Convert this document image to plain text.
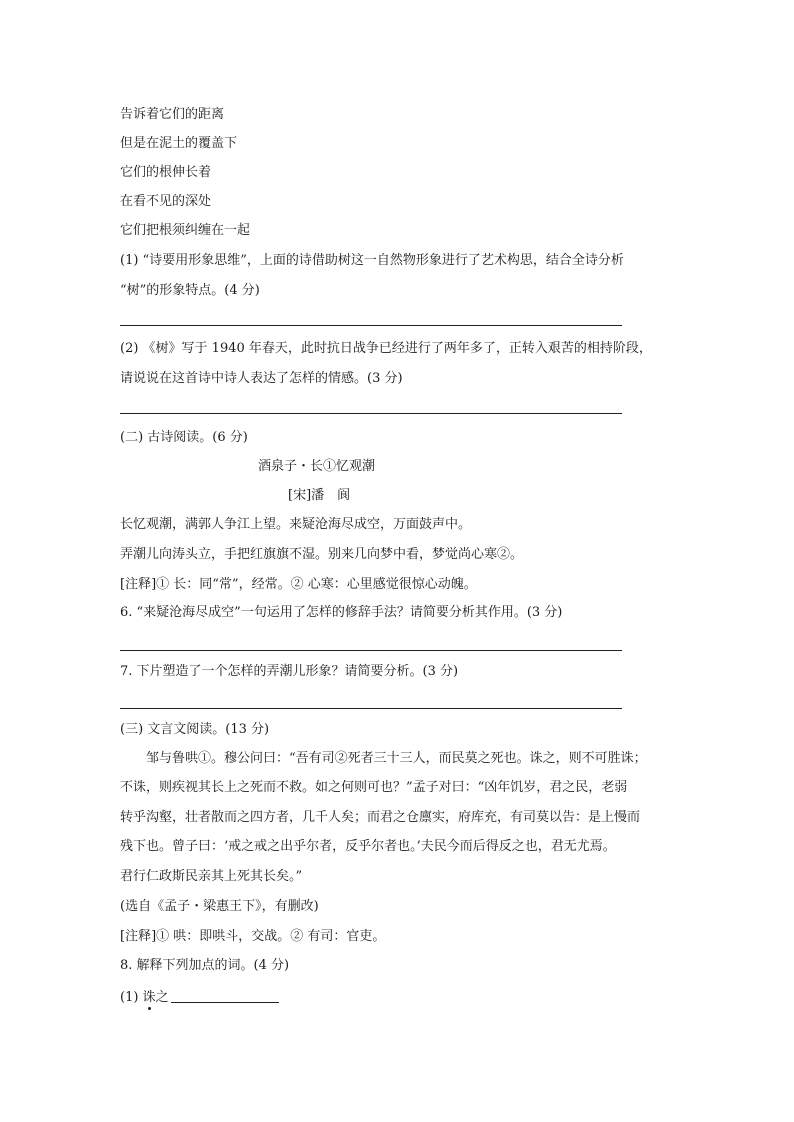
告诉着它们的距离
但是在泥土的覆盖下
它们的根伸长着
在看不见的深处
它们把根须纠缠在一起
(1) “诗要用形象思维”，上面的诗借助树这一自然物形象进行了艺术构思，结合全诗分析
“树”的形象特点。(4 分)
(2) 《树》写于 1940 年春天，此时抗日战争已经进行了两年多了，正转入艰苦的相持阶段，
请说说在这首诗中诗人表达了怎样的情感。(3 分)
(二) 古诗阅读。(6 分)
酒泉子・长①忆观潮
[宋]潘　阆
长忆观潮，满郭人争江上望。来疑沧海尽成空，万面鼓声中。
弄潮儿向涛头立，手把红旗旗不湿。别来几向梦中看，梦觉尚心寒②。
[注释]① 长：同“常”，经常。② 心寒：心里感觉很惊心动魄。
6. “来疑沧海尽成空”一句运用了怎样的修辞手法？请简要分析其作用。(3 分)
7. 下片塑造了一个怎样的弄潮儿形象？请简要分析。(3 分)
(三) 文言文阅读。(13 分)
邹与鲁哄①。穆公问曰：“吾有司②死者三十三人，而民莫之死也。诛之，则不可胜诛；
不诛，则疾视其长上之死而不救。如之何则可也？”孟子对曰：“凶年饥岁，君之民，老弱
转乎沟壑，壮者散而之四方者，几千人矣；而君之仓廪实，府库充，有司莫以告：是上慢而
残下也。曾子曰：‘戒之戒之出乎尔者，反乎尔者也。’夫民今而后得反之也，君无尤焉。
君行仁政斯民亲其上死其长矣。”
(选自《孟子・梁惠王下》，有删改)
[注释]① 哄：即哄斗，交战。② 有司：官吏。
8. 解释下列加点的词。(4 分)
(1) 诛之
